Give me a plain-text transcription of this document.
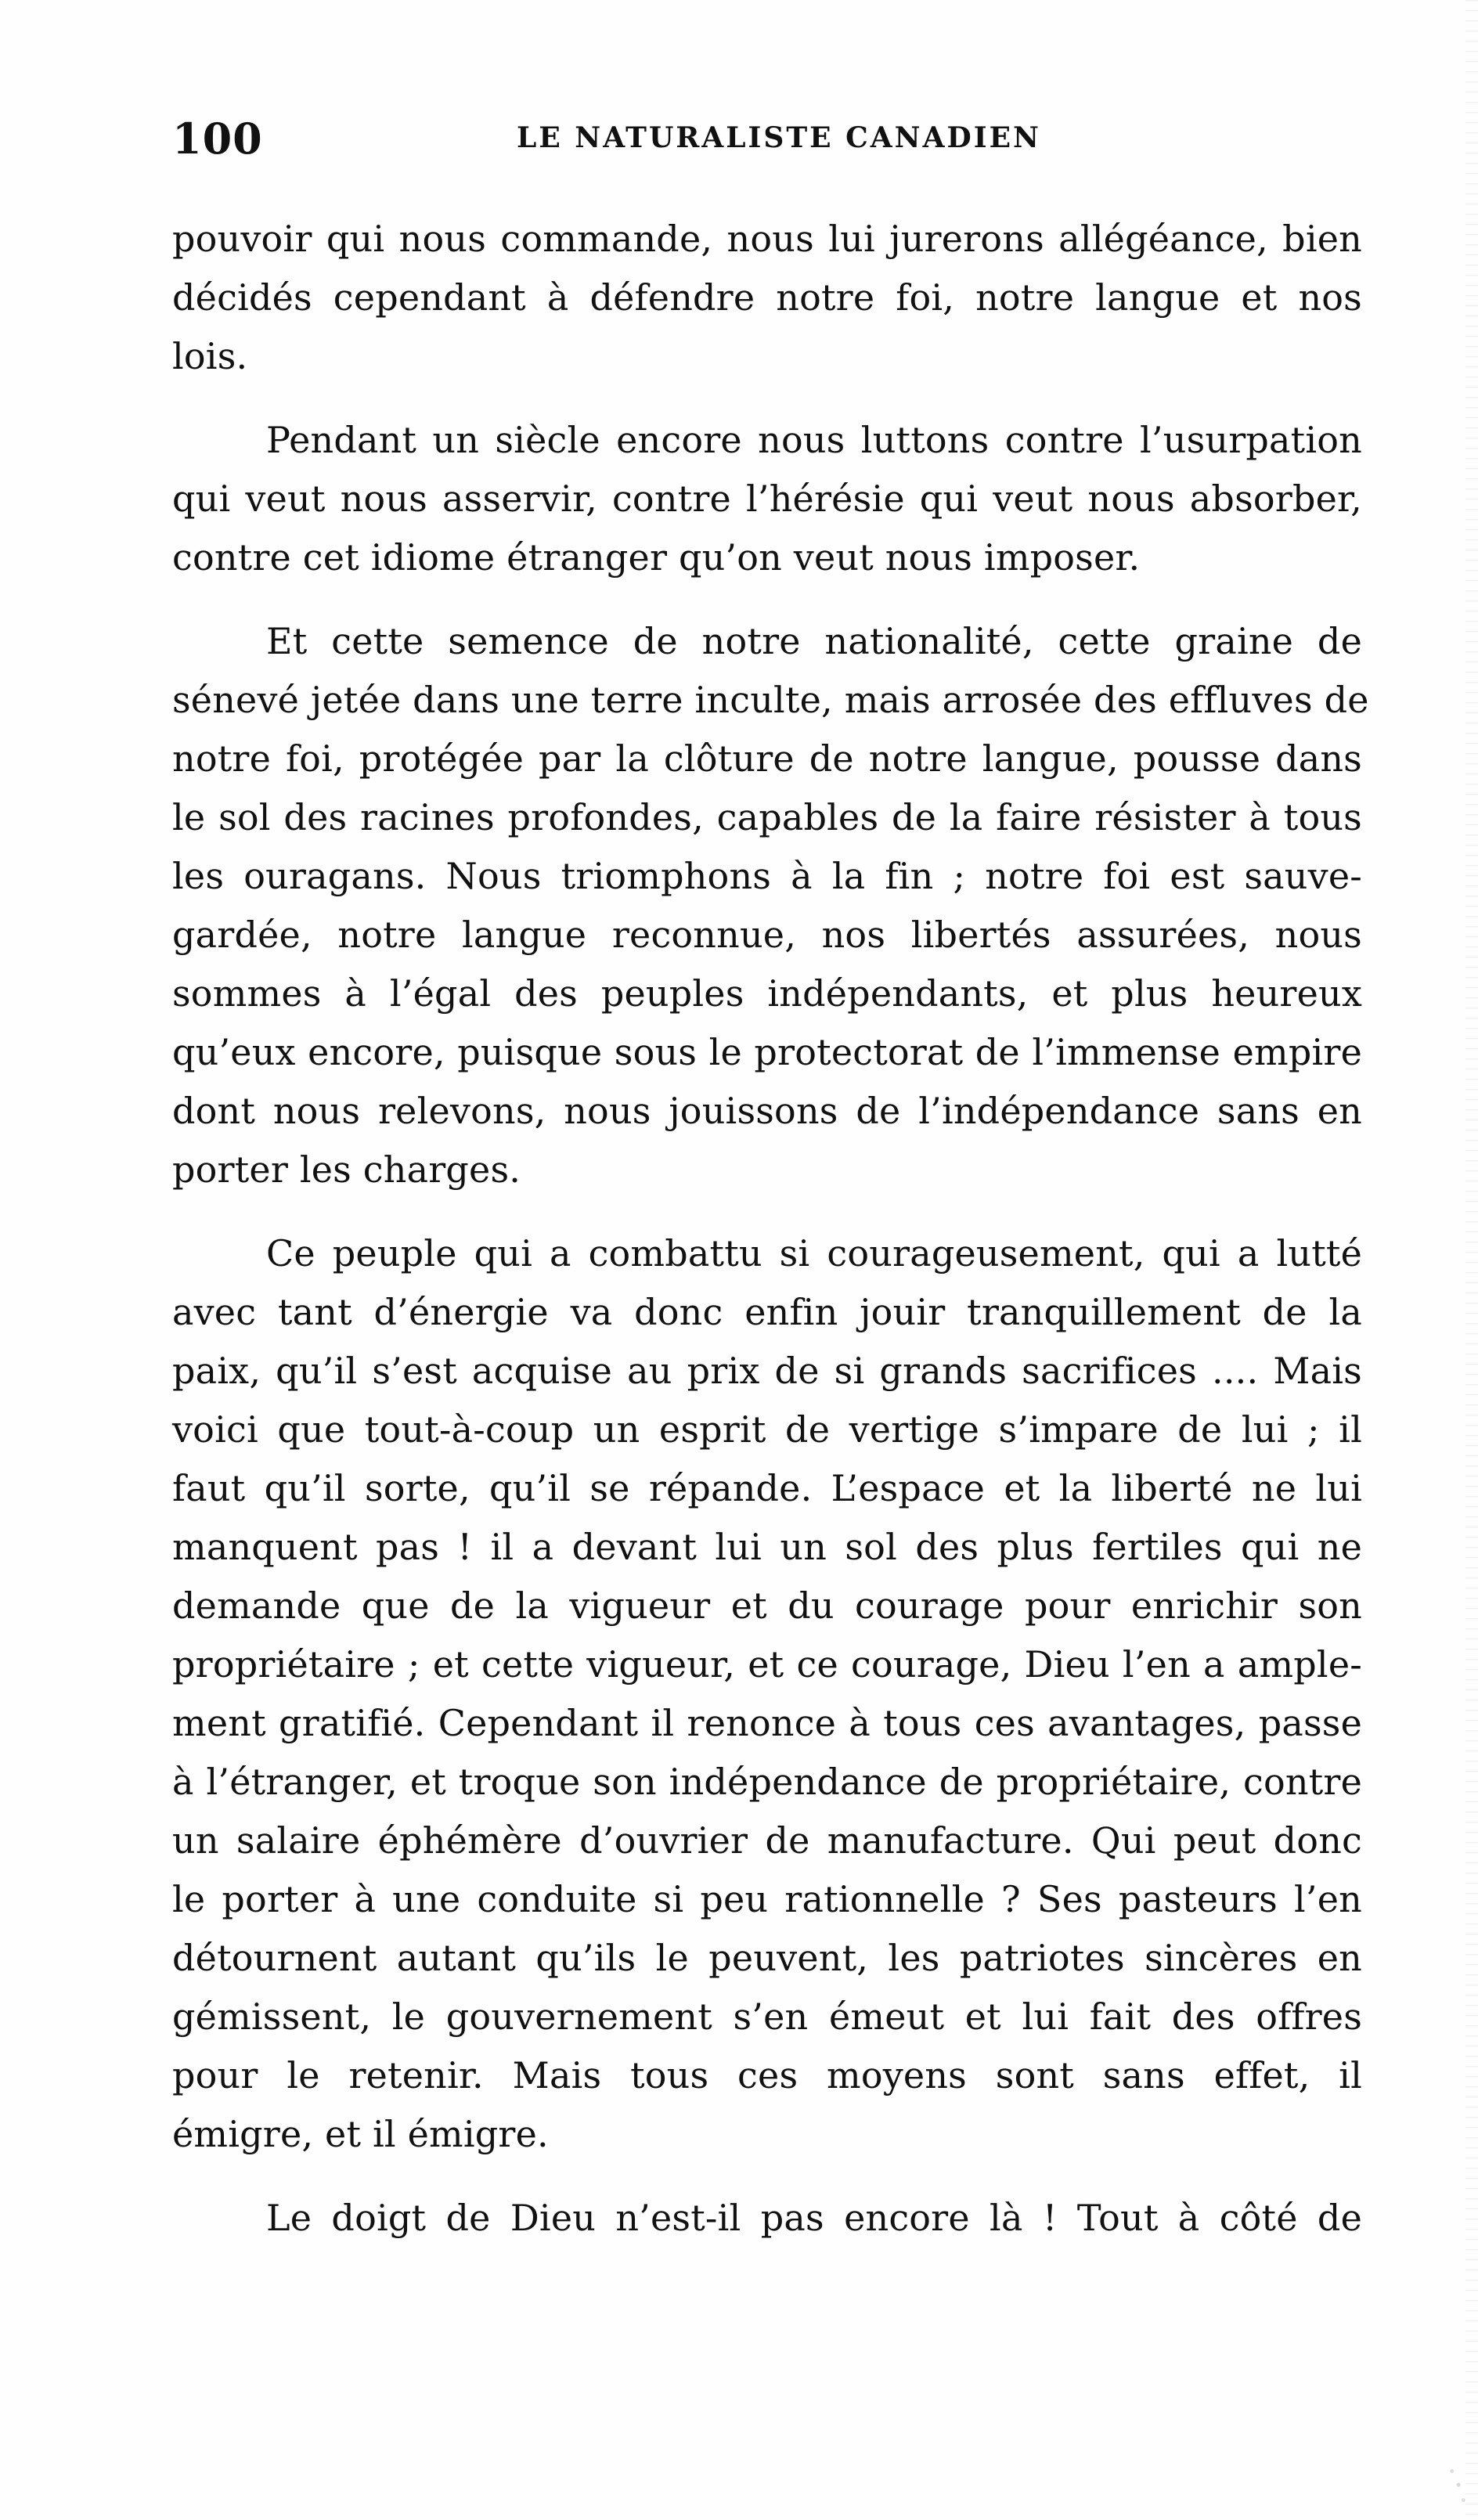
100	LE NATURALISTE CANADIEN
pouvoir qui nous commande, nous lui jurerons allégéance, bien
décidés cependant à défendre notre foi, notre langue et nos
lois.
Pendant un siècle encore nous luttons contre l’usurpation
qui veut nous asservir, contre l’hérésie qui veut nous absorber,
contre cet idiome étranger qu’on veut nous imposer.
Et cette semence de notre nationalité, cette graine de
sénevé jetée dans une terre inculte, mais arrosée des effluves de
notre foi, protégée par la clôture de notre langue, pousse dans
le sol des racines profondes, capables de la faire résister à tous
les ouragans. Nous triomphons à la fin ; notre foi est sauve-
gardée, notre langue reconnue, nos libertés assurées, nous
sommes à l’égal des peuples indépendants, et plus heureux
qu’eux encore, puisque sous le protectorat de l’immense empire
dont nous relevons, nous jouissons de l’indépendance sans en
porter les charges.
Ce peuple qui a combattu si courageusement, qui a lutté
avec tant d’énergie va donc enfin jouir tranquillement de la
paix, qu’il s’est acquise au prix de si grands sacrifices .... Mais
voici que tout-à-coup un esprit de vertige s’impare de lui ; il
faut qu’il sorte, qu’il se répande. L’espace et la liberté ne lui
manquent pas ! il a devant lui un sol des plus fertiles qui ne
demande que de la vigueur et du courage pour enrichir son
propriétaire ; et cette vigueur, et ce courage, Dieu l’en a ample-
ment gratifié. Cependant il renonce à tous ces avantages, passe
à l’étranger, et troque son indépendance de propriétaire, contre
un salaire éphémère d’ouvrier de manufacture. Qui peut donc
le porter à une conduite si peu rationnelle ? Ses pasteurs l’en
détournent autant qu’ils le peuvent, les patriotes sincères en
gémissent, le gouvernement s’en émeut et lui fait des offres
pour le retenir. Mais tous ces moyens sont sans effet, il
émigre, et il émigre.
Le doigt de Dieu n’est-il pas encore là ! Tout à côté de
